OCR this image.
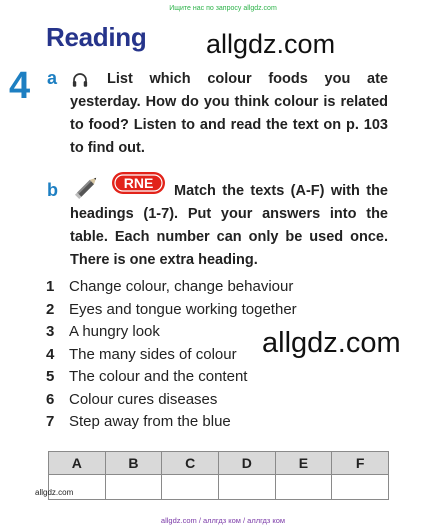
Ищите нас по запросу allgdz.com
Reading allgdz.com
4 a	List which colour foods you ate yesterday. How do you think colour is related to food? Listen to and read the text on p. 103 to find out.
b	RNE	Match the texts (A-F) with the headings (1-7). Put your answers into the table. Each number can only be used once. There is one extra heading.
1 Change colour, change behaviour
2 Eyes and tongue working together
3 A hungry look
4 The many sides of colour
5 The colour and the content
6 Colour cures diseases
7 Step away from the blue
allgdz.com
A	B	C	D	E	F

allgdz.com
allgdz.com / аллгдз ком / аллгдз ком
